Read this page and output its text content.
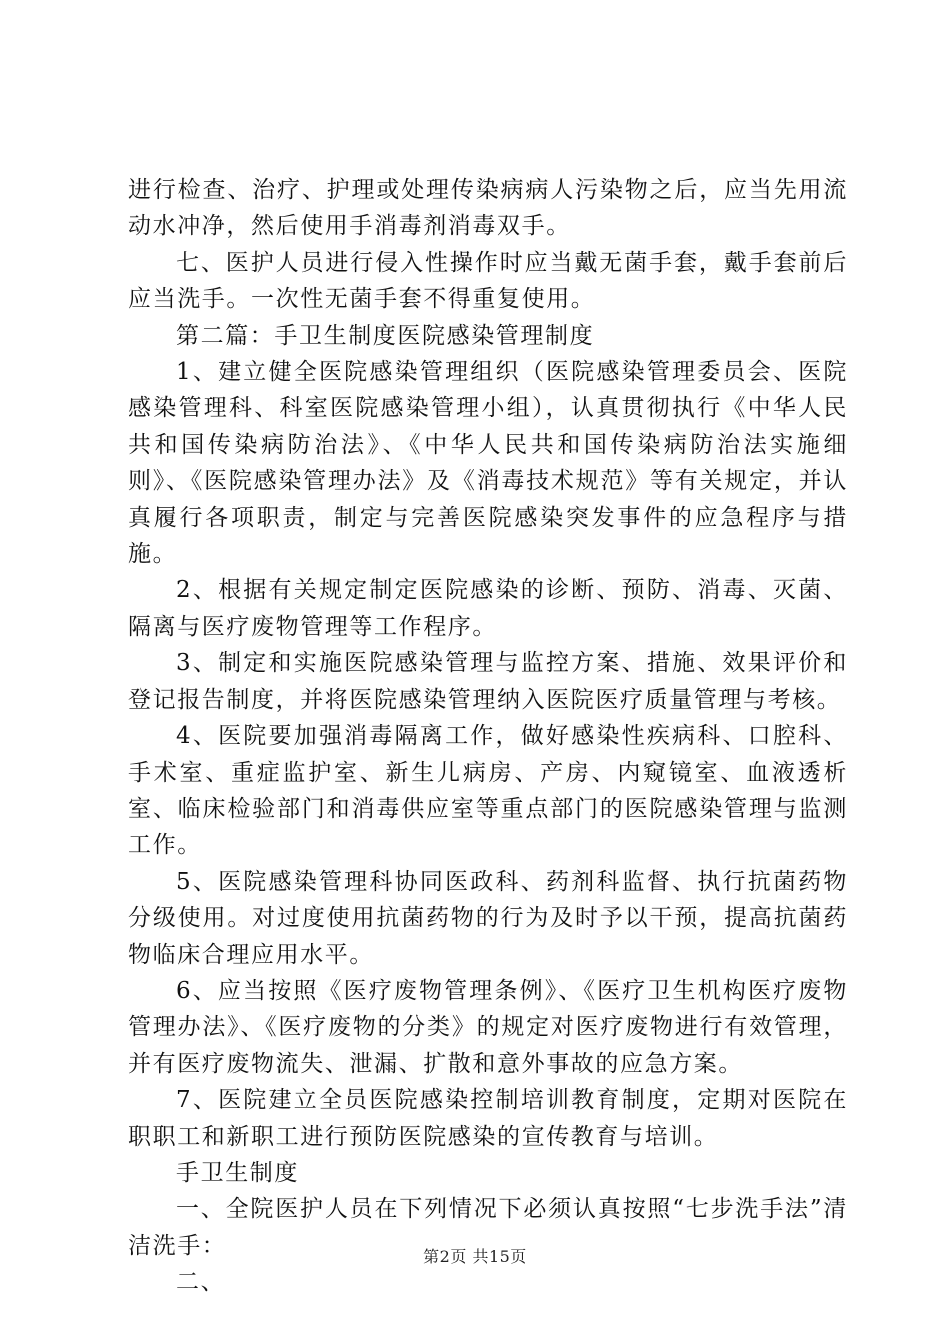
进行检查、治疗、护理或处理传染病病人污染物之后，应当先用流动水冲净，然后使用手消毒剂消毒双手。

七、医护人员进行侵入性操作时应当戴无菌手套，戴手套前后应当洗手。一次性无菌手套不得重复使用。

第二篇：手卫生制度医院感染管理制度

1、建立健全医院感染管理组织（医院感染管理委员会、医院感染管理科、科室医院感染管理小组），认真贯彻执行《中华人民共和国传染病防治法》、《中华人民共和国传染病防治法实施细则》、《医院感染管理办法》及《消毒技术规范》等有关规定，并认真履行各项职责，制定与完善医院感染突发事件的应急程序与措施。

2、根据有关规定制定医院感染的诊断、预防、消毒、灭菌、隔离与医疗废物管理等工作程序。

3、制定和实施医院感染管理与监控方案、措施、效果评价和登记报告制度，并将医院感染管理纳入医院医疗质量管理与考核。

4、医院要加强消毒隔离工作，做好感染性疾病科、口腔科、手术室、重症监护室、新生儿病房、产房、内窥镜室、血液透析室、临床检验部门和消毒供应室等重点部门的医院感染管理与监测工作。

5、医院感染管理科协同医政科、药剂科监督、执行抗菌药物分级使用。对过度使用抗菌药物的行为及时予以干预，提高抗菌药物临床合理应用水平。

6、应当按照《医疗废物管理条例》、《医疗卫生机构医疗废物管理办法》、《医疗废物的分类》的规定对医疗废物进行有效管理，并有医疗废物流失、泄漏、扩散和意外事故的应急方案。

7、医院建立全员医院感染控制培训教育制度，定期对医院在职职工和新职工进行预防医院感染的宣传教育与培训。

手卫生制度

一、全院医护人员在下列情况下必须认真按照“七步洗手法”清洁洗手：

二、

第2页 共15页
